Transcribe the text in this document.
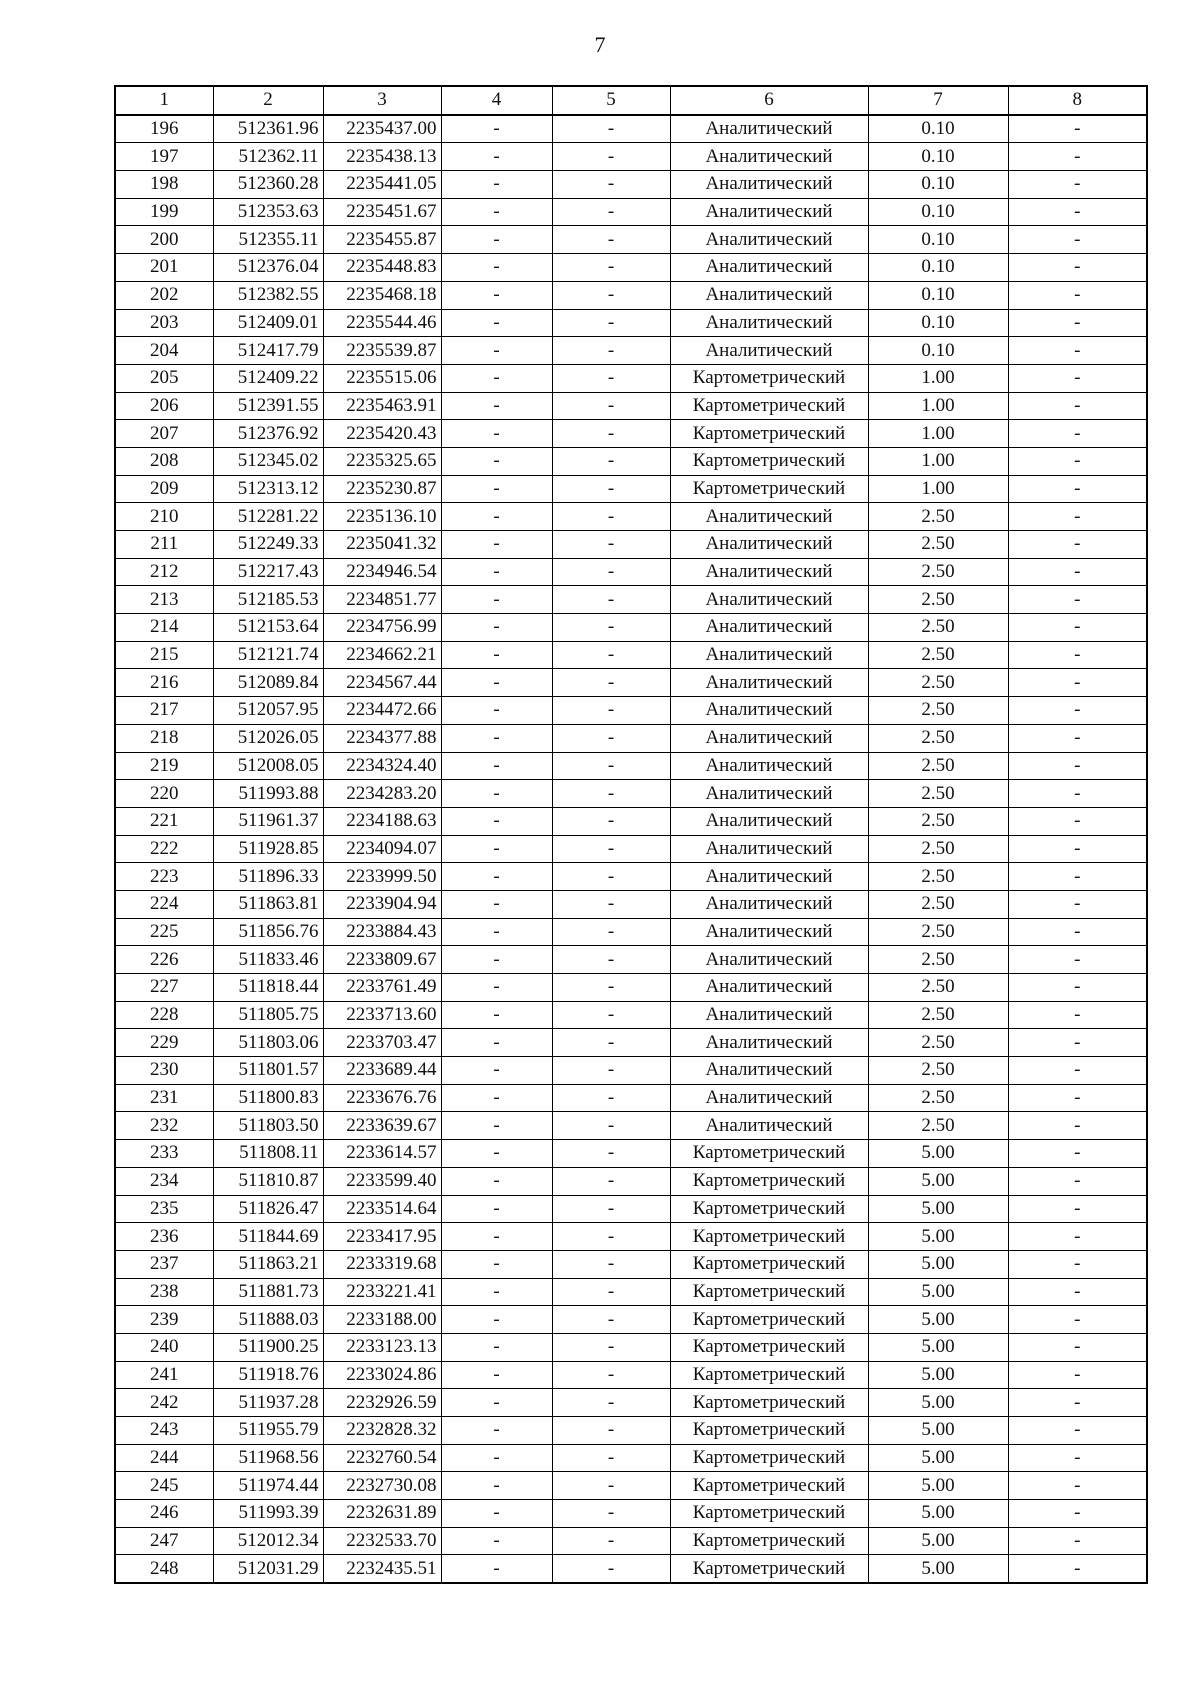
7
1	2	3	4	5	6	7	8
196	512361.96	2235437.00	-	-	Аналитический	0.10	-
197	512362.11	2235438.13	-	-	Аналитический	0.10	-
198	512360.28	2235441.05	-	-	Аналитический	0.10	-
199	512353.63	2235451.67	-	-	Аналитический	0.10	-
200	512355.11	2235455.87	-	-	Аналитический	0.10	-
201	512376.04	2235448.83	-	-	Аналитический	0.10	-
202	512382.55	2235468.18	-	-	Аналитический	0.10	-
203	512409.01	2235544.46	-	-	Аналитический	0.10	-
204	512417.79	2235539.87	-	-	Аналитический	0.10	-
205	512409.22	2235515.06	-	-	Картометрический	1.00	-
206	512391.55	2235463.91	-	-	Картометрический	1.00	-
207	512376.92	2235420.43	-	-	Картометрический	1.00	-
208	512345.02	2235325.65	-	-	Картометрический	1.00	-
209	512313.12	2235230.87	-	-	Картометрический	1.00	-
210	512281.22	2235136.10	-	-	Аналитический	2.50	-
211	512249.33	2235041.32	-	-	Аналитический	2.50	-
212	512217.43	2234946.54	-	-	Аналитический	2.50	-
213	512185.53	2234851.77	-	-	Аналитический	2.50	-
214	512153.64	2234756.99	-	-	Аналитический	2.50	-
215	512121.74	2234662.21	-	-	Аналитический	2.50	-
216	512089.84	2234567.44	-	-	Аналитический	2.50	-
217	512057.95	2234472.66	-	-	Аналитический	2.50	-
218	512026.05	2234377.88	-	-	Аналитический	2.50	-
219	512008.05	2234324.40	-	-	Аналитический	2.50	-
220	511993.88	2234283.20	-	-	Аналитический	2.50	-
221	511961.37	2234188.63	-	-	Аналитический	2.50	-
222	511928.85	2234094.07	-	-	Аналитический	2.50	-
223	511896.33	2233999.50	-	-	Аналитический	2.50	-
224	511863.81	2233904.94	-	-	Аналитический	2.50	-
225	511856.76	2233884.43	-	-	Аналитический	2.50	-
226	511833.46	2233809.67	-	-	Аналитический	2.50	-
227	511818.44	2233761.49	-	-	Аналитический	2.50	-
228	511805.75	2233713.60	-	-	Аналитический	2.50	-
229	511803.06	2233703.47	-	-	Аналитический	2.50	-
230	511801.57	2233689.44	-	-	Аналитический	2.50	-
231	511800.83	2233676.76	-	-	Аналитический	2.50	-
232	511803.50	2233639.67	-	-	Аналитический	2.50	-
233	511808.11	2233614.57	-	-	Картометрический	5.00	-
234	511810.87	2233599.40	-	-	Картометрический	5.00	-
235	511826.47	2233514.64	-	-	Картометрический	5.00	-
236	511844.69	2233417.95	-	-	Картометрический	5.00	-
237	511863.21	2233319.68	-	-	Картометрический	5.00	-
238	511881.73	2233221.41	-	-	Картометрический	5.00	-
239	511888.03	2233188.00	-	-	Картометрический	5.00	-
240	511900.25	2233123.13	-	-	Картометрический	5.00	-
241	511918.76	2233024.86	-	-	Картометрический	5.00	-
242	511937.28	2232926.59	-	-	Картометрический	5.00	-
243	511955.79	2232828.32	-	-	Картометрический	5.00	-
244	511968.56	2232760.54	-	-	Картометрический	5.00	-
245	511974.44	2232730.08	-	-	Картометрический	5.00	-
246	511993.39	2232631.89	-	-	Картометрический	5.00	-
247	512012.34	2232533.70	-	-	Картометрический	5.00	-
248	512031.29	2232435.51	-	-	Картометрический	5.00	-
